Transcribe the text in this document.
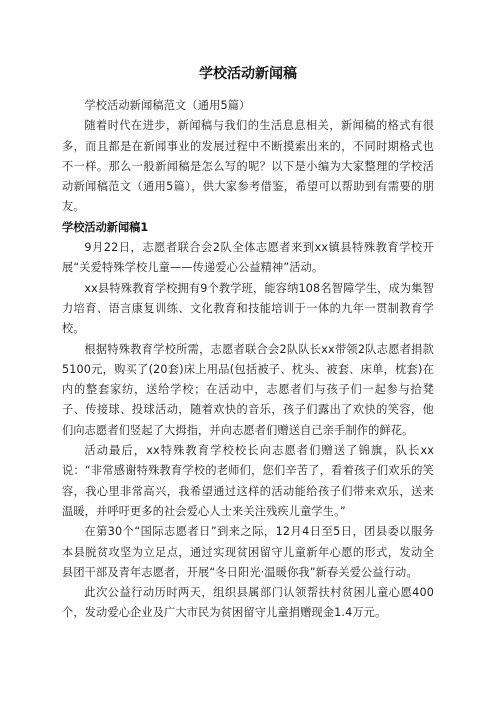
学校活动新闻稿

学校活动新闻稿范文（通用5篇）

随着时代在进步，新闻稿与我们的生活息息相关，新闻稿的格式有很多，而且都是在新闻事业的发展过程中不断摸索出来的，不同时期格式也不一样。那么一般新闻稿是怎么写的呢？以下是小编为大家整理的学校活动新闻稿范文（通用5篇），供大家参考借鉴，希望可以帮助到有需要的朋友。

学校活动新闻稿1

9月22日，志愿者联合会2队全体志愿者来到xx镇县特殊教育学校开展“关爱特殊学校儿童——传递爱心公益精神”活动。

xx县特殊教育学校拥有9个教学班，能容纳108名智障学生，成为集智力培育、语言康复训练、文化教育和技能培训于一体的九年一贯制教育学校。

根据特殊教育学校所需，志愿者联合会2队队长xx带领2队志愿者捐款5100元，购买了(20套)床上用品(包括被子、枕头、被套、床单，枕套)在内的整套家纺，送给学校；在活动中，志愿者们与孩子们一起参与拾凳子、传接球、投球活动，随着欢快的音乐，孩子们露出了欢快的笑容，他们向志愿者们竖起了大拇指，并向志愿者们赠送自己亲手制作的鲜花。

活动最后，xx特殊教育学校校长向志愿者们赠送了锦旗，队长xx说：“非常感谢特殊教育学校的老师们，您们辛苦了，看着孩子们欢乐的笑容，我心里非常高兴，我希望通过这样的活动能给孩子们带来欢乐，送来温暖，并呼吁更多的社会爱心人士来关注残疾儿童学生。”

在第30个“国际志愿者日”到来之际，12月4日至5日，团县委以服务本县脱贫攻坚为立足点，通过实现贫困留守儿童新年心愿的形式，发动全县团干部及青年志愿者，开展“冬日阳光·温暖你我”新春关爱公益行动。

此次公益行动历时两天，组织县属部门认领帮扶村贫困儿童心愿400个，发动爱心企业及广大市民为贫困留守儿童捐赠现金1.4万元。
